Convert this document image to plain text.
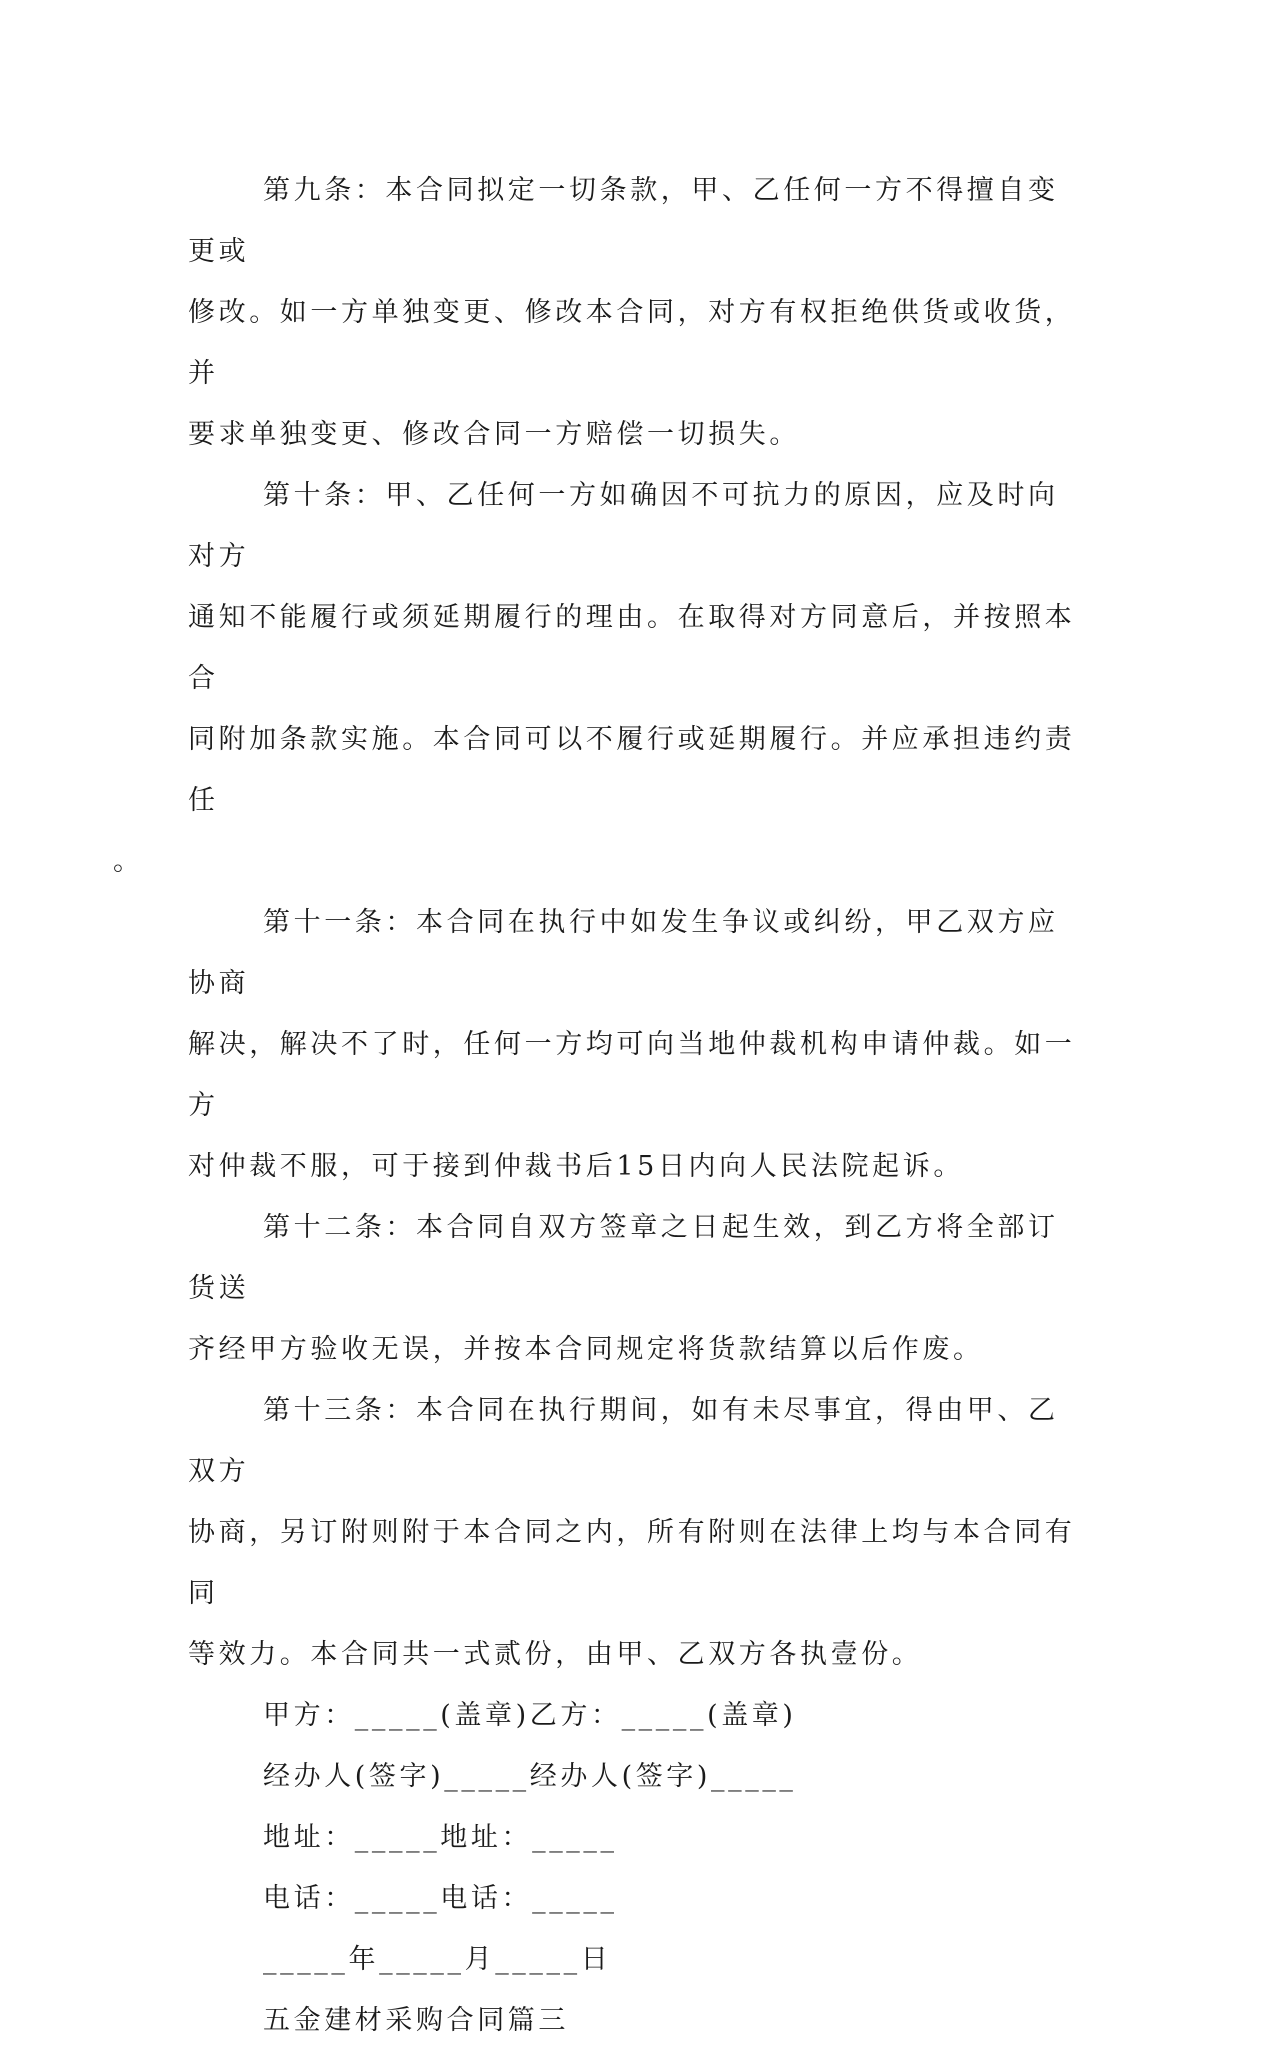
第九条：本合同拟定一切条款，甲、乙任何一方不得擅自变更或
修改。如一方单独变更、修改本合同，对方有权拒绝供货或收货，并
要求单独变更、修改合同一方赔偿一切损失。
第十条：甲、乙任何一方如确因不可抗力的原因，应及时向对方
通知不能履行或须延期履行的理由。在取得对方同意后，并按照本合
同附加条款实施。本合同可以不履行或延期履行。并应承担违约责任
。
第十一条：本合同在执行中如发生争议或纠纷，甲乙双方应协商
解决，解决不了时，任何一方均可向当地仲裁机构申请仲裁。如一方
对仲裁不服，可于接到仲裁书后15日内向人民法院起诉。
第十二条：本合同自双方签章之日起生效，到乙方将全部订货送
齐经甲方验收无误，并按本合同规定将货款结算以后作废。
第十三条：本合同在执行期间，如有未尽事宜，得由甲、乙双方
协商，另订附则附于本合同之内，所有附则在法律上均与本合同有同
等效力。本合同共一式贰份，由甲、乙双方各执壹份。
甲方：_____(盖章)乙方：_____(盖章)
经办人(签字)_____经办人(签字)_____
地址：_____地址：_____
电话：_____电话：_____
_____年_____月_____日
五金建材采购合同篇三
